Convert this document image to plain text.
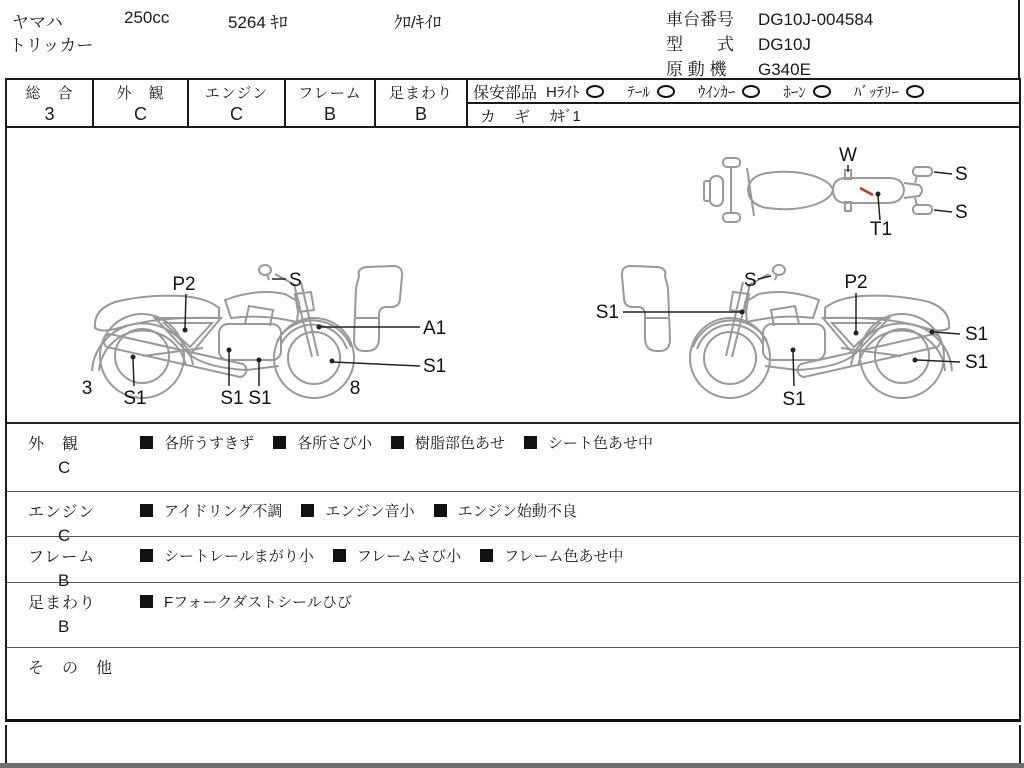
ヤマハ	250cc	5264 ｷﾛ	ｸﾛ/ｷｲﾛ
トリッカー
車台番号 DG10J-004584
型　　式 DG10J
原 動 機 G340E
総　合
3
外　観
C
エンジン
C
フレーム
B
足まわり
B
保安部品 Hﾗｲﾄ	ﾃｰﾙ	ｳｲﾝｶｰ	ﾎｰﾝ	ﾊﾞｯﾃﾘｰ
カ　ギ ｶｷﾞ1
P2	S
A1
S1
3 S1	S1 S1	8
S1
S	P2
S1
S1
S1
W
S
S
T1
外　観
C
各所うすきず	各所さび小	樹脂部色あせ	シート色あせ中
エンジン
C
アイドリング不調	エンジン音小	エンジン始動不良
フレーム
B
シートレールまがり小	フレームさび小	フレーム色あせ中
足まわり
B
Fフォークダストシールひび
そ　の　他
